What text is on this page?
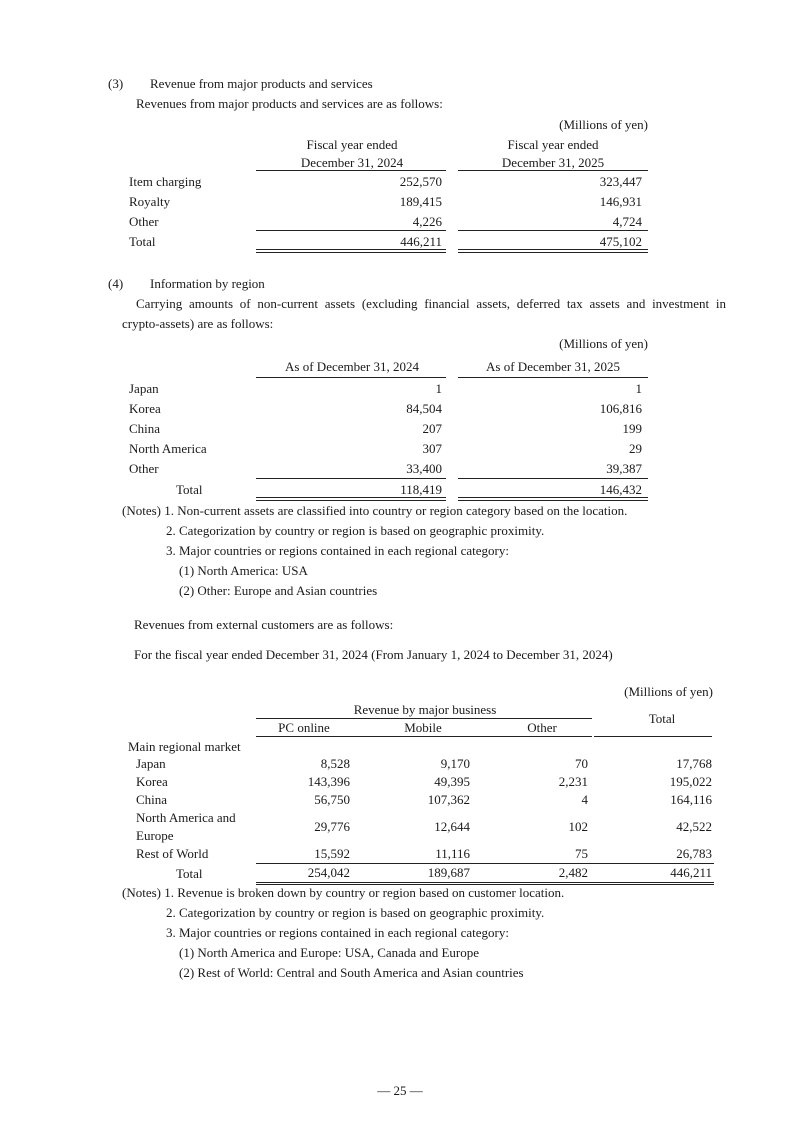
(3) Revenue from major products and services
Revenues from major products and services are as follows:
(Millions of yen)
Fiscal year ended
December 31, 2024
Fiscal year ended
December 31, 2025
Item charging	252,570	323,447
Royalty	189,415	146,931
Other	4,226	4,724
Total	446,211	475,102
(4) Information by region
Carrying amounts of non-current assets (excluding financial assets, deferred tax assets and investment in
crypto-assets) are as follows:
(Millions of yen)
As of December 31, 2024	As of December 31, 2025
Japan	1	1
Korea	84,504	106,816
China	207	199
North America	307	29
Other	33,400	39,387
Total	118,419	146,432
(Notes) 1. Non-current assets are classified into country or region category based on the location.
2. Categorization by country or region is based on geographic proximity.
3. Major countries or regions contained in each regional category:
(1) North America: USA
(2) Other: Europe and Asian countries
Revenues from external customers are as follows:
For the fiscal year ended December 31, 2024 (From January 1, 2024 to December 31, 2024)
(Millions of yen)
Revenue by major business
Total
PC online	Mobile	Other
Main regional market
Japan	8,528	9,170	70	17,768
Korea	143,396	49,395	2,231	195,022
China	56,750	107,362	4	164,116

North America and
Europe	29,776	12,644	102	42,522
Rest of World	15,592	11,116	75	26,783
Total	254,042	189,687	2,482	446,211
(Notes) 1. Revenue is broken down by country or region based on customer location.
2. Categorization by country or region is based on geographic proximity.
3. Major countries or regions contained in each regional category:
(1) North America and Europe: USA, Canada and Europe
(2) Rest of World: Central and South America and Asian countries
— 25 —
